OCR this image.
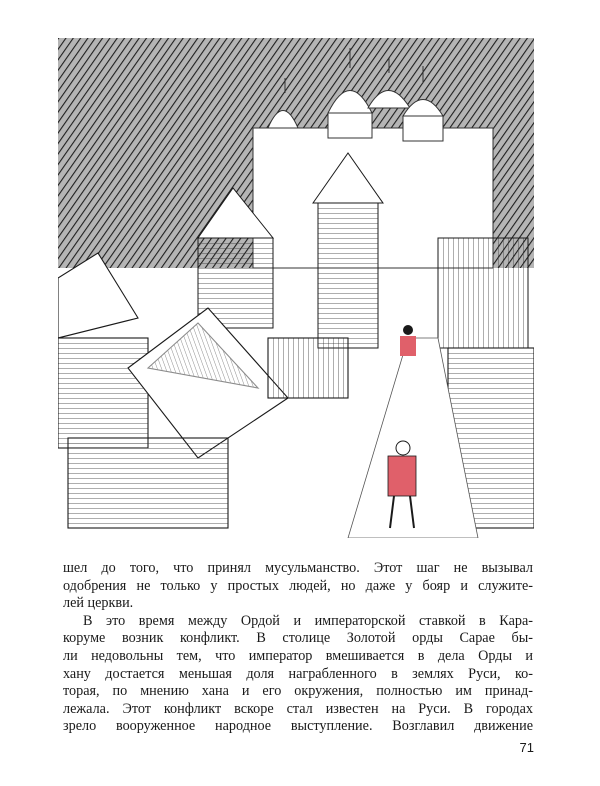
шел до того, что принял мусульманство. Этот шаг не вызывал
одобрения не только у простых людей, но даже у бояр и служите-
лей церкви.
В это время между Ордой и императорской ставкой в Кара-
коруме возник конфликт. В столице Золотой орды Сарае бы-
ли недовольны тем, что император вмешивается в дела Орды и
хану достается меньшая доля награбленного в землях Руси, ко-
торая, по мнению хана и его окружения, полностью им принад-
лежала. Этот конфликт вскоре стал известен на Руси. В городах
зрело вооруженное народное выступление. Возглавил движение
71
